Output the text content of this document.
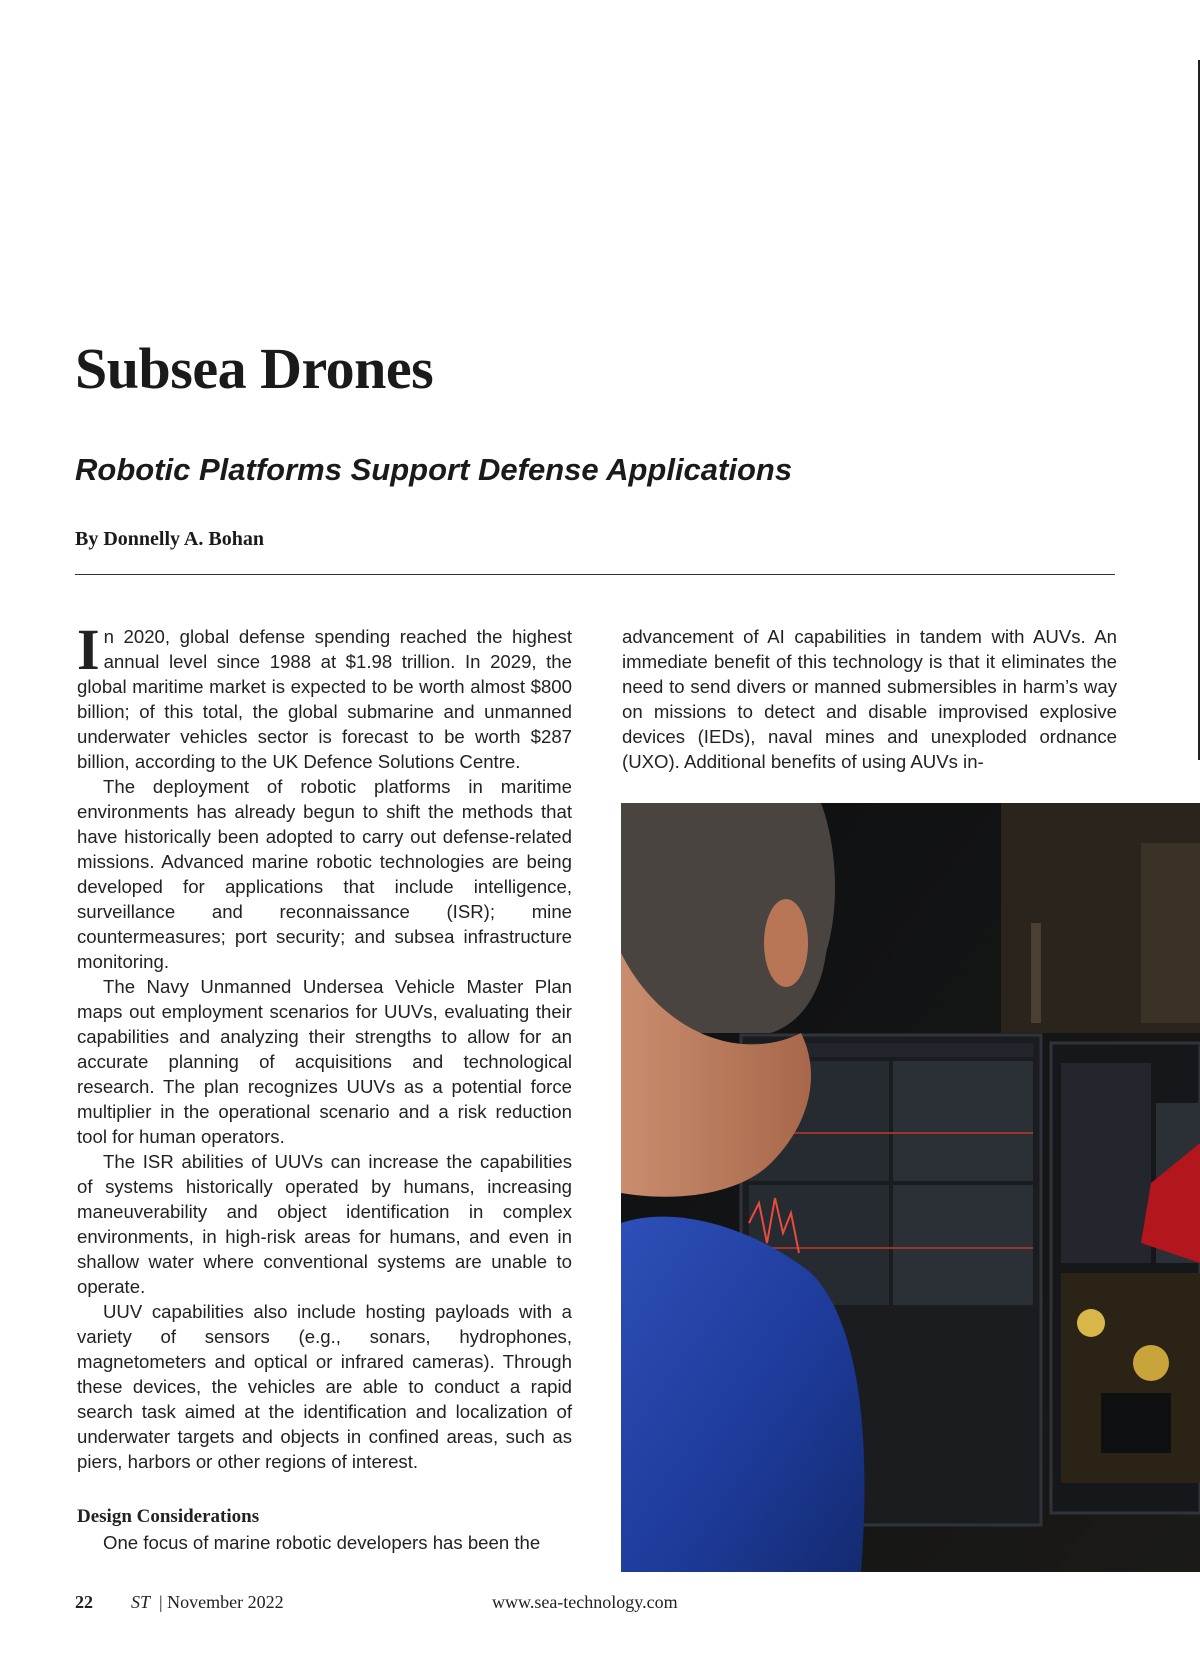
Subsea Drones
Robotic Platforms Support Defense Applications

By Donnelly A. Bohan

In 2020, global defense spending reached the highest annual level since 1988 at $1.98 trillion. In 2029, the global maritime market is expected to be worth almost $800 billion; of this total, the global submarine and unmanned underwater vehicles sector is forecast to be worth $287 billion, according to the UK Defence Solutions Centre.

The deployment of robotic platforms in maritime environments has already begun to shift the methods that have historically been adopted to carry out defense-related missions. Advanced marine robotic technologies are being developed for applications that include intelligence, surveillance and reconnaissance (ISR); mine countermeasures; port security; and subsea infrastructure monitoring.

The Navy Unmanned Undersea Vehicle Master Plan maps out employment scenarios for UUVs, evaluating their capabilities and analyzing their strengths to allow for an accurate planning of acquisitions and technological research. The plan recognizes UUVs as a potential force multiplier in the operational scenario and a risk reduction tool for human operators.

The ISR abilities of UUVs can increase the capabilities of systems historically operated by humans, increasing maneuverability and object identification in complex environments, in high-risk areas for humans, and even in shallow water where conventional systems are unable to operate.

UUV capabilities also include hosting payloads with a variety of sensors (e.g., sonars, hydrophones, magnetometers and optical or infrared cameras). Through these devices, the vehicles are able to conduct a rapid search task aimed at the identification and localization of underwater targets and objects in confined areas, such as piers, harbors or other regions of interest.

Design Considerations

One focus of marine robotic developers has been the

advancement of AI capabilities in tandem with AUVs. An immediate benefit of this technology is that it eliminates the need to send divers or manned submersibles in harm’s way on missions to detect and disable improvised explosive devices (IEDs), naval mines and unexploded ordnance (UXO). Additional benefits of using AUVs in-

22 ST | November 2022	www.sea-technology.com
